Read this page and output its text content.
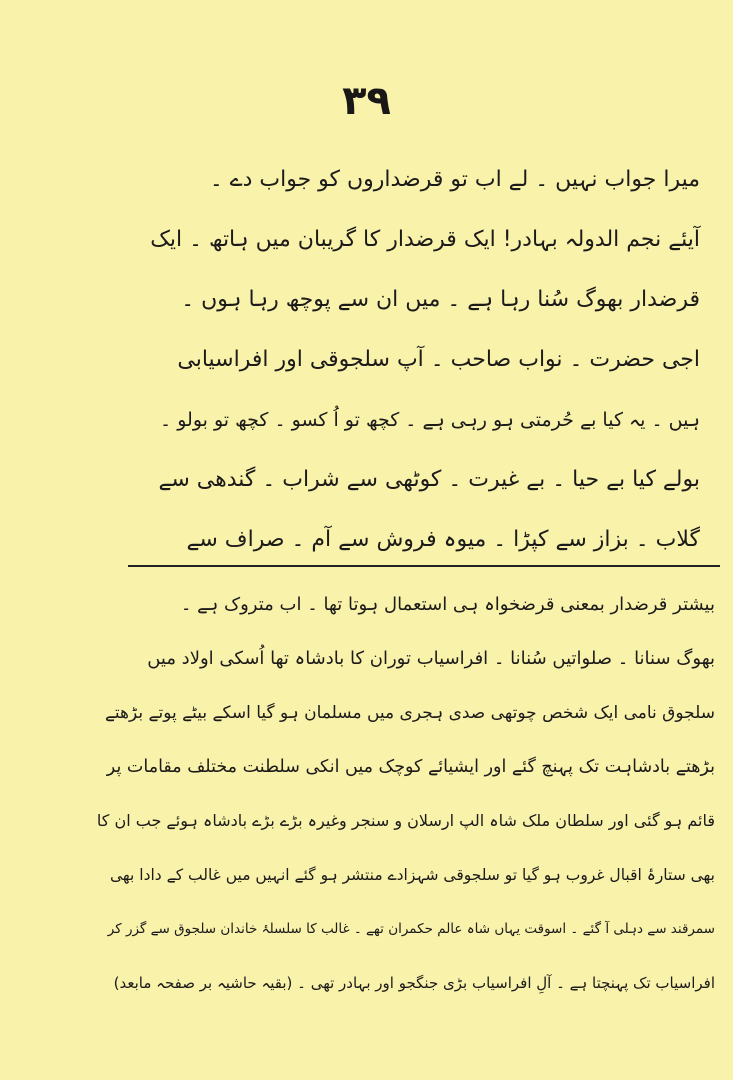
۳۹
میرا جواب نہیں ۔ لے اب تو قرضداروں کو جواب دے ۔
آیئے نجم الدولہ بہادر! ایک قرضدار کا گریبان میں ہاتھ ۔ ایک
قرضدار بھوگ سُنا رہا ہے ۔ میں ان سے پوچھ رہا ہوں ۔
اجی حضرت ۔ نواب صاحب ۔ آپ سلجوقی اور افراسیابی
ہیں ۔ یہ کیا بے حُرمتی ہو رہی ہے ۔ کچھ تو اُ کسو ۔ کچھ تو بولو ۔
بولے کیا بے حیا ۔ بے غیرت ۔ کوٹھی سے شراب ۔ گندھی سے
گلاب ۔ بزاز سے کپڑا ۔ میوہ فروش سے آم ۔ صراف سے
بیشتر قرضدار بمعنی قرضخواہ ہی استعمال ہوتا تھا ۔ اب متروک ہے ۔
بھوگ سنانا ۔ صلواتیں سُنانا ۔ افراسیاب توران کا بادشاہ تھا اُسکی اولاد میں
سلجوق نامی ایک شخص چوتھی صدی ہجری میں مسلمان ہو گیا اسکے بیٹے پوتے بڑھتے
بڑھتے بادشاہت تک پہنچ گئے اور ایشیائے کوچک میں انکی سلطنت مختلف مقامات پر
قائم ہو گئی اور سلطان ملک شاہ الپ ارسلان و سنجر وغیرہ بڑے بڑے بادشاہ ہوئے جب ان کا
بھی ستارۂ اقبال غروب ہو گیا تو سلجوقی شہزادے منتشر ہو گئے انہیں میں غالب کے دادا بھی
سمرقند سے دہلی آ گئے ۔ اسوقت یہاں شاہ عالم حکمران تھے ۔ غالب کا سلسلۂ خاندان سلجوق سے گزر کر
افراسیاب تک پہنچتا ہے ۔ آلِ افراسیاب بڑی جنگجو اور بہادر تھی ۔ (بقیہ حاشیہ بر صفحہ مابعد)
